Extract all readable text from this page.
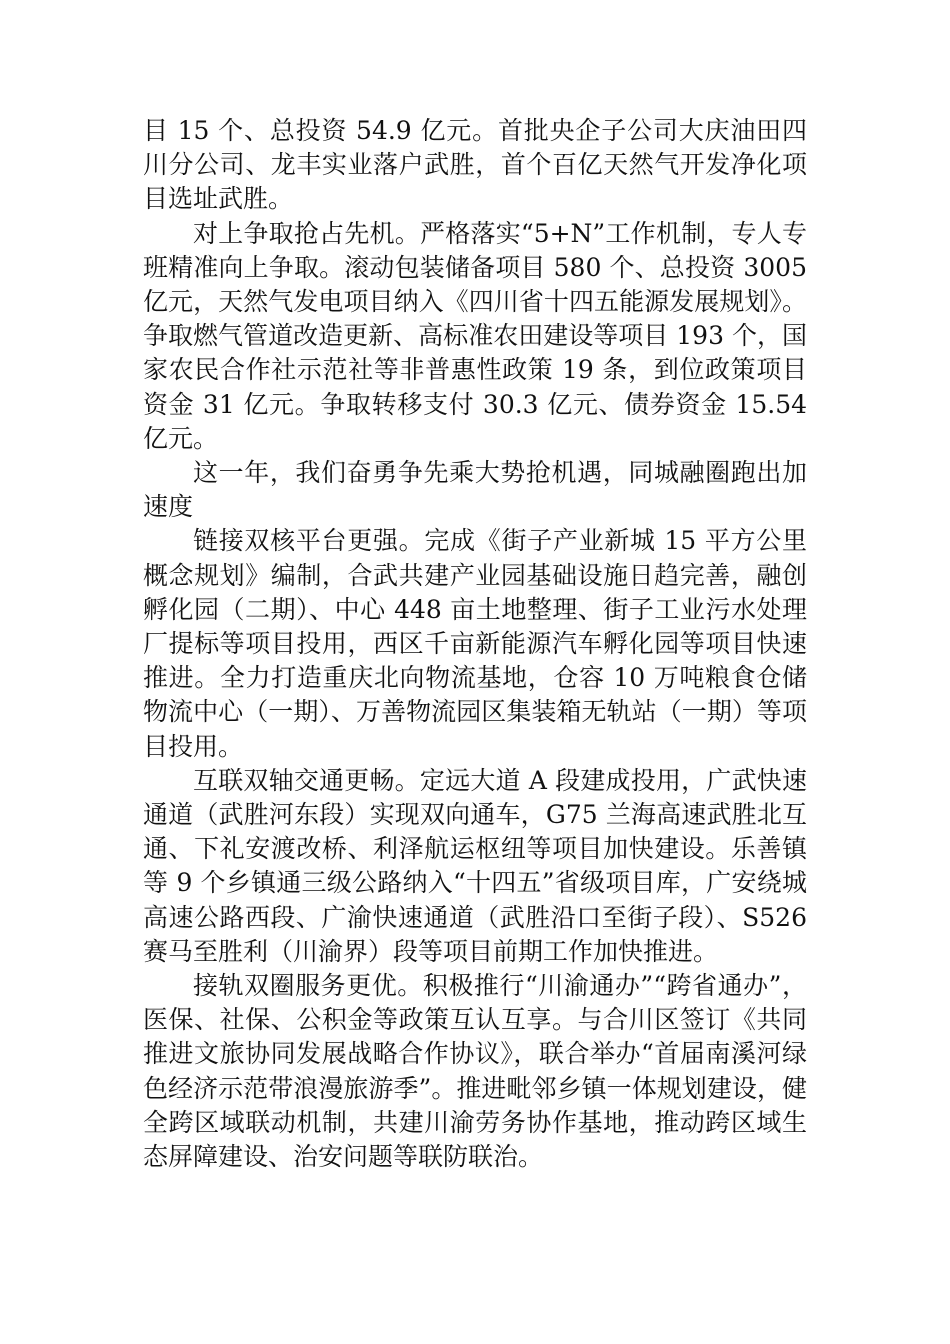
目 15 个、总投资 54.9 亿元。首批央企子公司大庆油田四川分公司、龙丰实业落户武胜，首个百亿天然气开发净化项目选址武胜。

对上争取抢占先机。严格落实“5+N”工作机制，专人专班精准向上争取。滚动包装储备项目 580 个、总投资 3005 亿元，天然气发电项目纳入《四川省十四五能源发展规划》。争取燃气管道改造更新、高标准农田建设等项目 193 个，国家农民合作社示范社等非普惠性政策 19 条，到位政策项目资金 31 亿元。争取转移支付 30.3 亿元、债券资金 15.54 亿元。

这一年，我们奋勇争先乘大势抢机遇，同城融圈跑出加速度

链接双核平台更强。完成《街子产业新城 15 平方公里概念规划》编制，合武共建产业园基础设施日趋完善，融创孵化园（二期）、中心 448 亩土地整理、街子工业污水处理厂提标等项目投用，西区千亩新能源汽车孵化园等项目快速推进。全力打造重庆北向物流基地，仓容 10 万吨粮食仓储物流中心（一期）、万善物流园区集装箱无轨站（一期）等项目投用。

互联双轴交通更畅。定远大道 A 段建成投用，广武快速通道（武胜河东段）实现双向通车，G75 兰海高速武胜北互通、下礼安渡改桥、利泽航运枢纽等项目加快建设。乐善镇等 9 个乡镇通三级公路纳入“十四五”省级项目库，广安绕城高速公路西段、广渝快速通道（武胜沿口至街子段）、S526 赛马至胜利（川渝界）段等项目前期工作加快推进。

接轨双圈服务更优。积极推行“川渝通办”“跨省通办”，医保、社保、公积金等政策互认互享。与合川区签订《共同推进文旅协同发展战略合作协议》，联合举办“首届南溪河绿色经济示范带浪漫旅游季”。推进毗邻乡镇一体规划建设，健全跨区域联动机制，共建川渝劳务协作基地，推动跨区域生态屏障建设、治安问题等联防联治。
